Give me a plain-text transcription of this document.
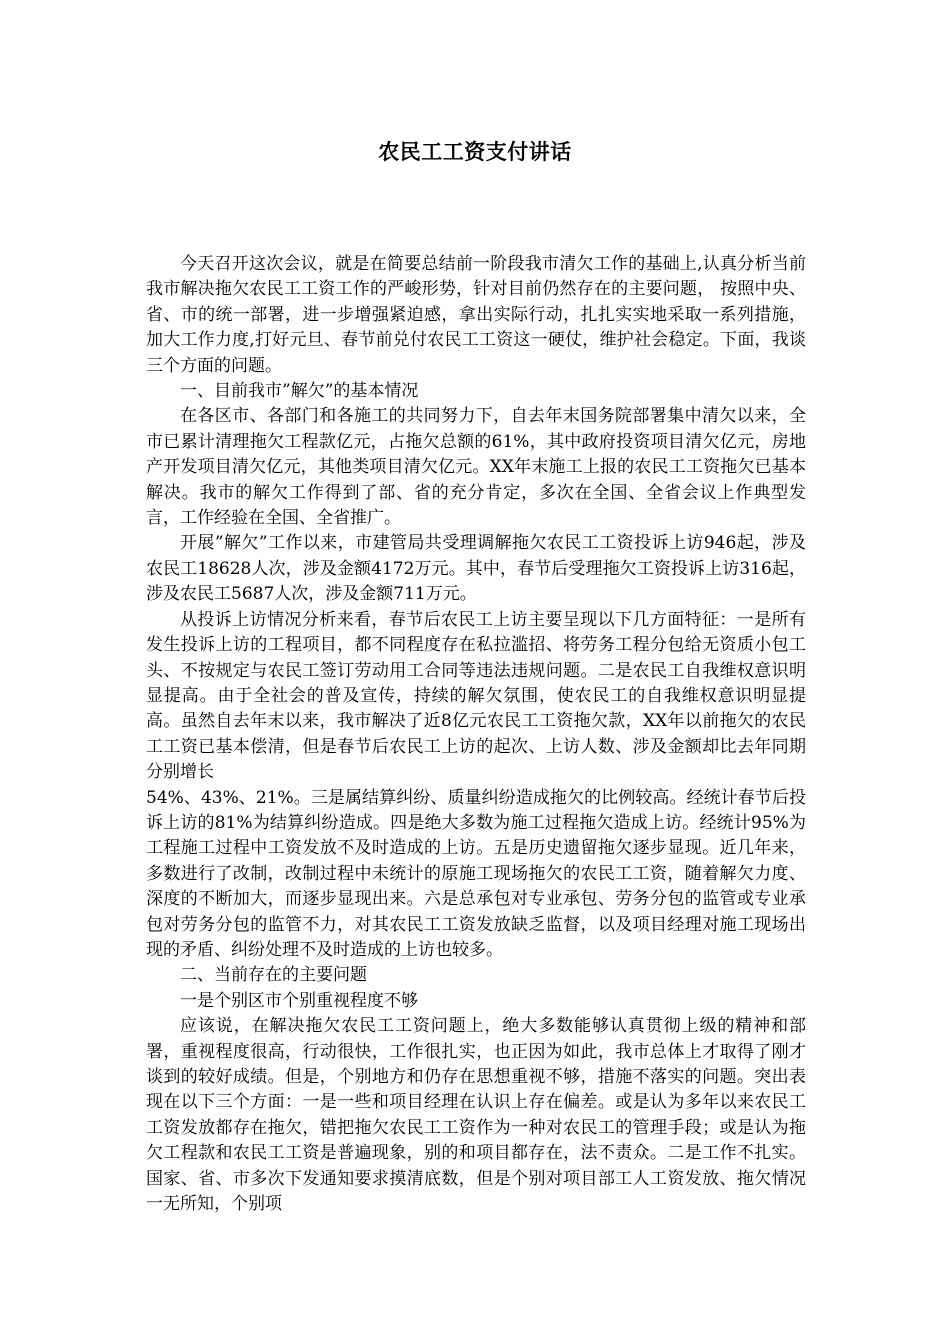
农民工工资支付讲话

今天召开这次会议，就是在简要总结前一阶段我市清欠工作的基础上,认真分析当前我市解决拖欠农民工工资工作的严峻形势，针对目前仍然存在的主要问题， 按照中央、省、市的统一部署，进一步增强紧迫感，拿出实际行动，扎扎实实地采取一系列措施，加大工作力度,打好元旦、春节前兑付农民工工资这一硬仗，维护社会稳定。下面，我谈三个方面的问题。

一、目前我市”解欠”的基本情况

在各区市、各部门和各施工的共同努力下，自去年末国务院部署集中清欠以来，全市已累计清理拖欠工程款亿元，占拖欠总额的61%，其中政府投资项目清欠亿元，房地产开发项目清欠亿元，其他类项目清欠亿元。XX年末施工上报的农民工工资拖欠已基本解决。我市的解欠工作得到了部、省的充分肯定，多次在全国、全省会议上作典型发言，工作经验在全国、全省推广。

开展”解欠”工作以来，市建管局共受理调解拖欠农民工工资投诉上访946起，涉及农民工18628人次，涉及金额4172万元。其中，春节后受理拖欠工资投诉上访316起，涉及农民工5687人次，涉及金额711万元。

从投诉上访情况分析来看，春节后农民工上访主要呈现以下几方面特征：一是所有发生投诉上访的工程项目，都不同程度存在私拉滥招、将劳务工程分包给无资质小包工头、不按规定与农民工签订劳动用工合同等违法违规问题。二是农民工自我维权意识明显提高。由于全社会的普及宣传，持续的解欠氛围，使农民工的自我维权意识明显提高。虽然自去年末以来，我市解决了近8亿元农民工工资拖欠款，XX年以前拖欠的农民工工资已基本偿清，但是春节后农民工上访的起次、上访人数、涉及金额却比去年同期分别增长

54%、43%、21%。三是属结算纠纷、质量纠纷造成拖欠的比例较高。经统计春节后投诉上访的81%为结算纠纷造成。四是绝大多数为施工过程拖欠造成上访。经统计95%为工程施工过程中工资发放不及时造成的上访。五是历史遗留拖欠逐步显现。近几年来，多数进行了改制，改制过程中未统计的原施工现场拖欠的农民工工资，随着解欠力度、深度的不断加大，而逐步显现出来。六是总承包对专业承包、劳务分包的监管或专业承包对劳务分包的监管不力，对其农民工工资发放缺乏监督，以及项目经理对施工现场出现的矛盾、纠纷处理不及时造成的上访也较多。

二、当前存在的主要问题

一是个别区市个别重视程度不够

应该说，在解决拖欠农民工工资问题上，绝大多数能够认真贯彻上级的精神和部署，重视程度很高，行动很快，工作很扎实，也正因为如此，我市总体上才取得了刚才谈到的较好成绩。但是，个别地方和仍存在思想重视不够，措施不落实的问题。突出表现在以下三个方面：一是一些和项目经理在认识上存在偏差。或是认为多年以来农民工工资发放都存在拖欠，错把拖欠农民工工资作为一种对农民工的管理手段；或是认为拖欠工程款和农民工工资是普遍现象，别的和项目都存在，法不责众。二是工作不扎实。国家、省、市多次下发通知要求摸清底数，但是个别对项目部工人工资发放、拖欠情况一无所知，个别项
